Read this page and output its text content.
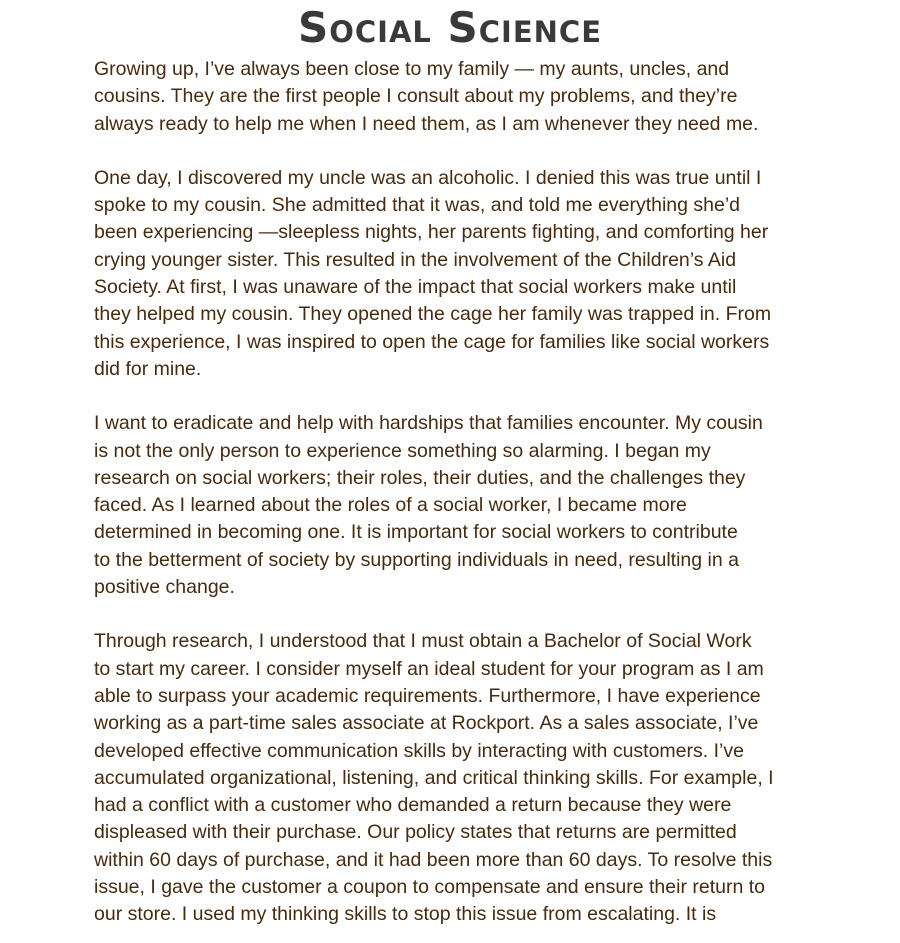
Social Science
Growing up, I’ve always been close to my family — my aunts, uncles, and
cousins. They are the first people I consult about my problems, and they’re
always ready to help me when I need them, as I am whenever they need me.
One day, I discovered my uncle was an alcoholic. I denied this was true until I
spoke to my cousin. She admitted that it was, and told me everything she’d
been experiencing —sleepless nights, her parents fighting, and comforting her
crying younger sister. This resulted in the involvement of the Children’s Aid
Society. At first, I was unaware of the impact that social workers make until
they helped my cousin. They opened the cage her family was trapped in. From
this experience, I was inspired to open the cage for families like social workers
did for mine.
I want to eradicate and help with hardships that families encounter. My cousin
is not the only person to experience something so alarming. I began my
research on social workers; their roles, their duties, and the challenges they
faced. As I learned about the roles of a social worker, I became more
determined in becoming one. It is important for social workers to contribute
to the betterment of society by supporting individuals in need, resulting in a
positive change.
Through research, I understood that I must obtain a Bachelor of Social Work
to start my career. I consider myself an ideal student for your program as I am
able to surpass your academic requirements. Furthermore, I have experience
working as a part-time sales associate at Rockport. As a sales associate, I’ve
developed effective communication skills by interacting with customers. I’ve
accumulated organizational, listening, and critical thinking skills. For example, I
had a conflict with a customer who demanded a return because they were
displeased with their purchase. Our policy states that returns are permitted
within 60 days of purchase, and it had been more than 60 days. To resolve this
issue, I gave the customer a coupon to compensate and ensure their return to
our store. I used my thinking skills to stop this issue from escalating. It is
